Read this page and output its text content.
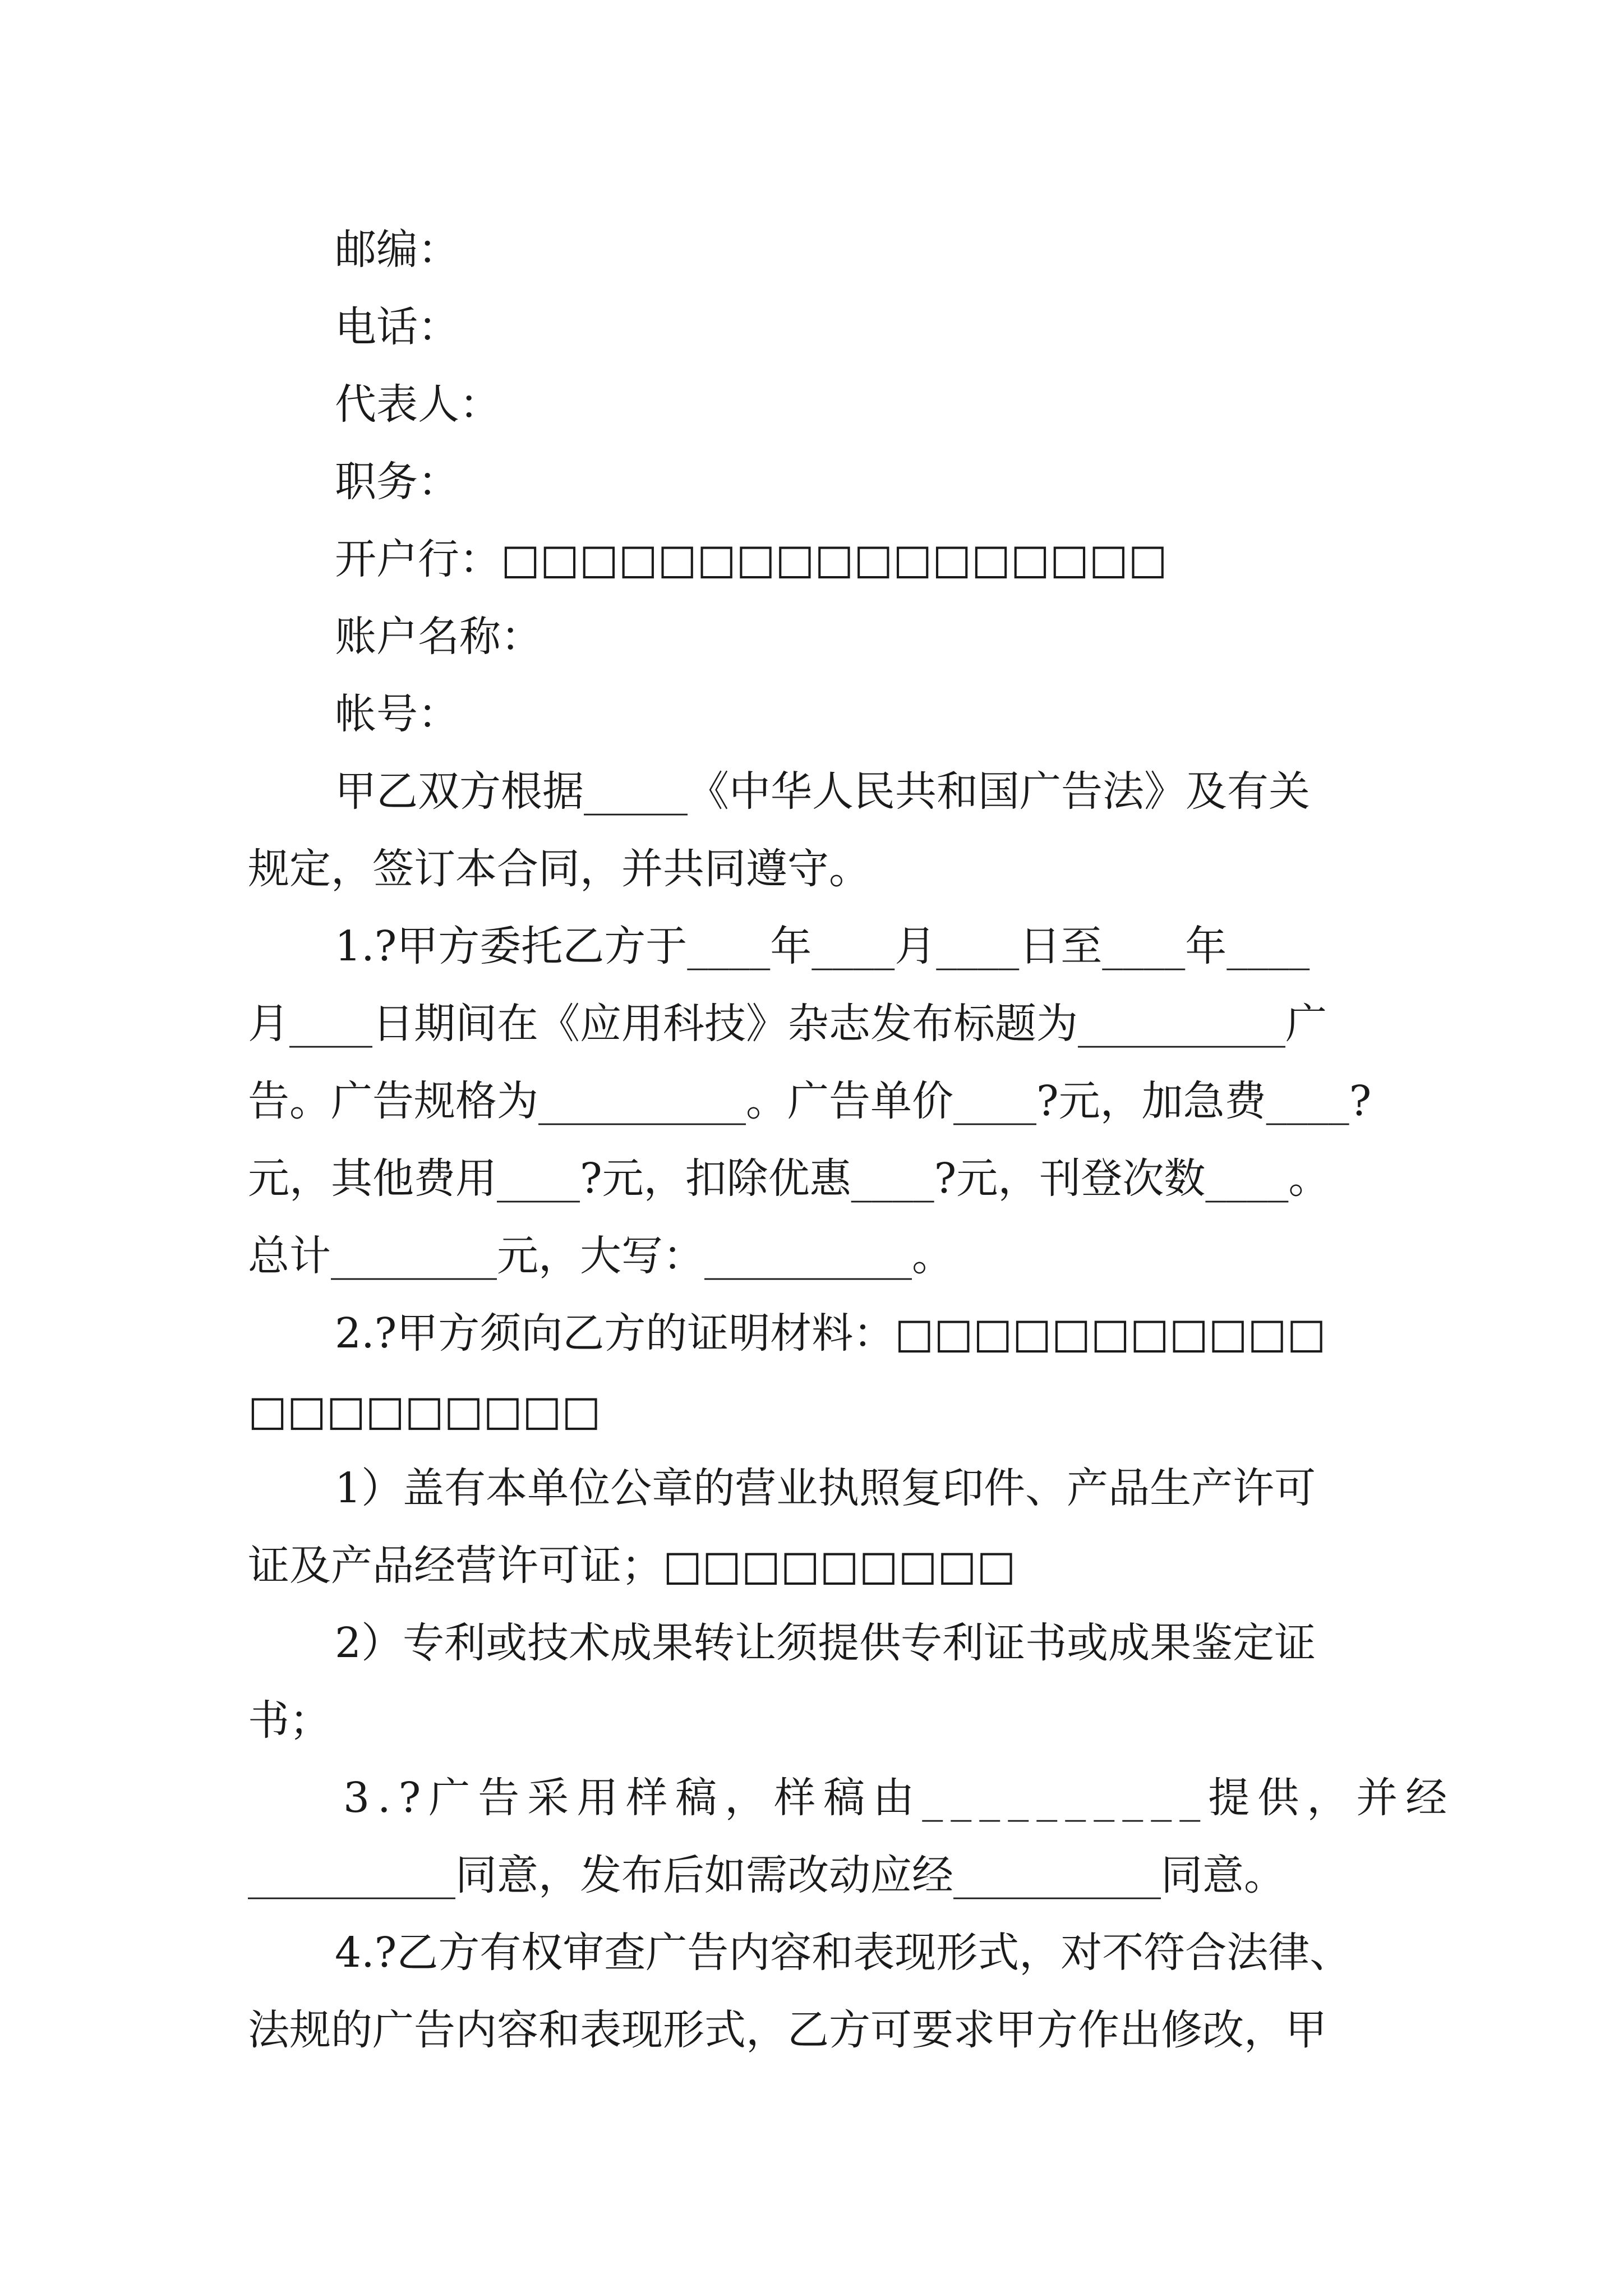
邮编：
电话：
代表人：
职务：
开户行：□□□□□□□□□□□□□□□□□
账户名称：
帐号：
甲乙双方根据_____《中华人民共和国广告法》及有关
规定，签订本合同，并共同遵守。
1.?甲方委托乙方于____年____月____日至____年____
月____日期间在《应用科技》杂志发布标题为__________广
告。广告规格为__________。广告单价____?元，加急费____?
元，其他费用____?元，扣除优惠____?元，刊登次数____。
总计________元，大写：__________。
2.?甲方须向乙方的证明材料：□□□□□□□□□□□
□□□□□□□□□
1）盖有本单位公章的营业执照复印件、产品生产许可
证及产品经营许可证；□□□□□□□□□
2）专利或技术成果转让须提供专利证书或成果鉴定证
书；
3.?广告采用样稿，样稿由__________提供，并经
__________同意，发布后如需改动应经__________同意。
4.?乙方有权审查广告内容和表现形式，对不符合法律、
法规的广告内容和表现形式，乙方可要求甲方作出修改，甲
